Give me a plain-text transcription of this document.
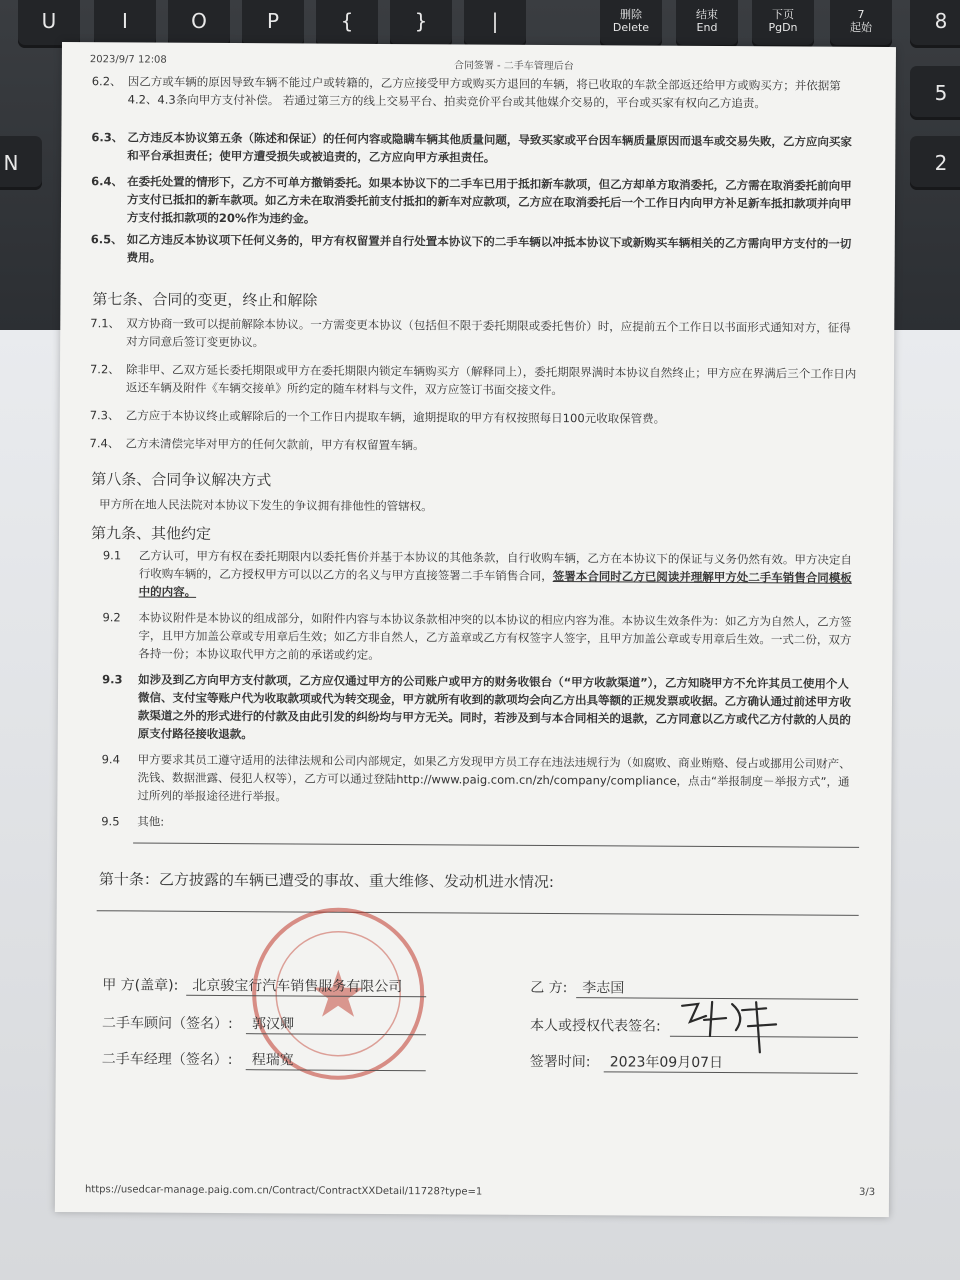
U	I	O	P	{	}	|	删除
Delete
结束
End
下页
PgDn
7
起始
N	2
5
8
2023/9/7 12:08
合同签署 - 二手车管理后台
6.2、 因乙方或车辆的原因导致车辆不能过户或转籍的，乙方应接受甲方或购买方退回的车辆，将已收取的车款全部返还给甲方或购买方；并依据第4.2、4.3条向甲方支付补偿。 若通过第三方的线上交易平台、拍卖竞价平台或其他媒介交易的，平台或买家有权向乙方追责。
6.3、 乙方违反本协议第五条（陈述和保证）的任何内容或隐瞒车辆其他质量问题，导致买家或平台因车辆质量原因而退车或交易失败，乙方应向买家和平台承担责任；使甲方遭受损失或被追责的，乙方应向甲方承担责任。
6.4、 在委托处置的情形下，乙方不可单方撤销委托。如果本协议下的二手车已用于抵扣新车款项，但乙方却单方取消委托，乙方需在取消委托前向甲方支付已抵扣的新车款项。如乙方未在取消委托前支付抵扣的新车对应款项，乙方应在取消委托后一个工作日内向甲方补足新车抵扣款项并向甲方支付抵扣款项的20%作为违约金。
6.5、 如乙方违反本协议项下任何义务的，甲方有权留置并自行处置本协议下的二手车辆以冲抵本协议下或新购买车辆相关的乙方需向甲方支付的一切费用。
第七条、合同的变更，终止和解除
7.1、 双方协商一致可以提前解除本协议。一方需变更本协议（包括但不限于委托期限或委托售价）时，应提前五个工作日以书面形式通知对方，征得对方同意后签订变更协议。
7.2、 除非甲、乙双方延长委托期限或甲方在委托期限内锁定车辆购买方（解释同上），委托期限界满时本协议自然终止；甲方应在界满后三个工作日内返还车辆及附件《车辆交接单》所约定的随车材料与文件，双方应签订书面交接文件。
7.3、 乙方应于本协议终止或解除后的一个工作日内提取车辆，逾期提取的甲方有权按照每日100元收取保管费。
7.4、 乙方未清偿完毕对甲方的任何欠款前，甲方有权留置车辆。
第八条、合同争议解决方式
甲方所在地人民法院对本协议下发生的争议拥有排他性的管辖权。
第九条、其他约定
9.1	乙方认可，甲方有权在委托期限内以委托售价并基于本协议的其他条款，自行收购车辆，乙方在本协议下的保证与义务仍然有效。甲方决定自行收购车辆的，乙方授权甲方可以以乙方的名义与甲方直接签署二手车销售合同，签署本合同时乙方已阅读并理解甲方处二手车销售合同模板中的内容。
9.2	本协议附件是本协议的组成部分，如附件内容与本协议条款相冲突的以本协议的相应内容为准。本协议生效条件为：如乙方为自然人，乙方签字，且甲方加盖公章或专用章后生效；如乙方非自然人，乙方盖章或乙方有权签字人签字，且甲方加盖公章或专用章后生效。一式二份，双方各持一份；本协议取代甲方之前的承诺或约定。
9.3	如涉及到乙方向甲方支付款项，乙方应仅通过甲方的公司账户或甲方的财务收银台（“甲方收款渠道”），乙方知晓甲方不允许其员工使用个人微信、支付宝等账户代为收取款项或代为转交现金，甲方就所有收到的款项均会向乙方出具等额的正规发票或收据。乙方确认通过前述甲方收款渠道之外的形式进行的付款及由此引发的纠纷均与甲方无关。同时，若涉及到与本合同相关的退款，乙方同意以乙方或代乙方付款的人员的原支付路径接收退款。
9.4	甲方要求其员工遵守适用的法律法规和公司内部规定，如果乙方发现甲方员工存在违法违规行为（如腐败、商业贿赂、侵占或挪用公司财产、洗钱、数据泄露、侵犯人权等），乙方可以通过登陆http://www.paig.com.cn/zh/company/compliance，点击“举报制度－举报方式”，通过所列的举报途径进行举报。
9.5	其他:
第十条：乙方披露的车辆已遭受的事故、重大维修、发动机进水情况:
甲 方(盖章): 北京骏宝行汽车销售服务有限公司
二手车顾问（签名）: 郭汉卿
二手车经理（签名）: 程瑞宽
乙 方: 李志国
本人或授权代表签名:
签署时间: 2023年09月07日
https://usedcar-manage.paig.com.cn/Contract/ContractXXDetail/11728?type=1	3/3
